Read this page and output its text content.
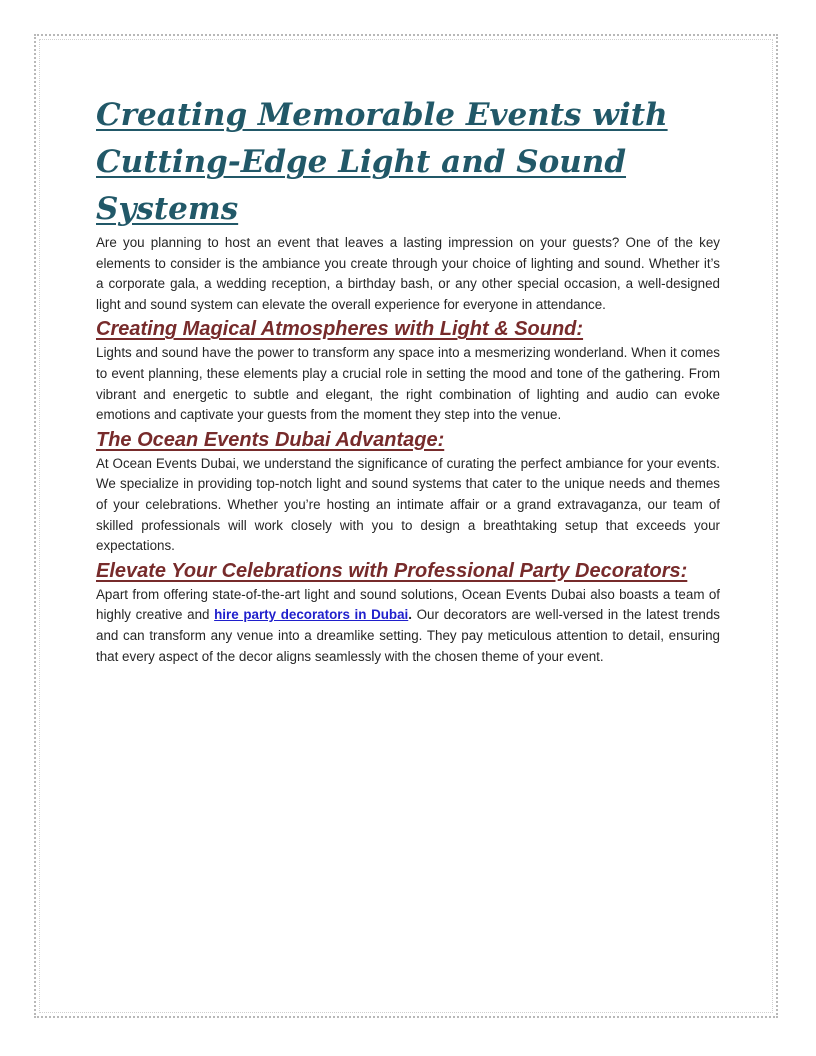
Creating Memorable Events with Cutting-Edge Light and Sound Systems

Are you planning to host an event that leaves a lasting impression on your guests? One of the key elements to consider is the ambiance you create through your choice of lighting and sound. Whether it’s a corporate gala, a wedding reception, a birthday bash, or any other special occasion, a well-designed light and sound system can elevate the overall experience for everyone in attendance.

Creating Magical Atmospheres with Light & Sound:

Lights and sound have the power to transform any space into a mesmerizing wonderland. When it comes to event planning, these elements play a crucial role in setting the mood and tone of the gathering. From vibrant and energetic to subtle and elegant, the right combination of lighting and audio can evoke emotions and captivate your guests from the moment they step into the venue.

The Ocean Events Dubai Advantage:

At Ocean Events Dubai, we understand the significance of curating the perfect ambiance for your events. We specialize in providing top-notch light and sound systems that cater to the unique needs and themes of your celebrations. Whether you’re hosting an intimate affair or a grand extravaganza, our team of skilled professionals will work closely with you to design a breathtaking setup that exceeds your expectations.

Elevate Your Celebrations with Professional Party Decorators:

Apart from offering state-of-the-art light and sound solutions, Ocean Events Dubai also boasts a team of highly creative and hire party decorators in Dubai. Our decorators are well-versed in the latest trends and can transform any venue into a dreamlike setting. They pay meticulous attention to detail, ensuring that every aspect of the decor aligns seamlessly with the chosen theme of your event.
